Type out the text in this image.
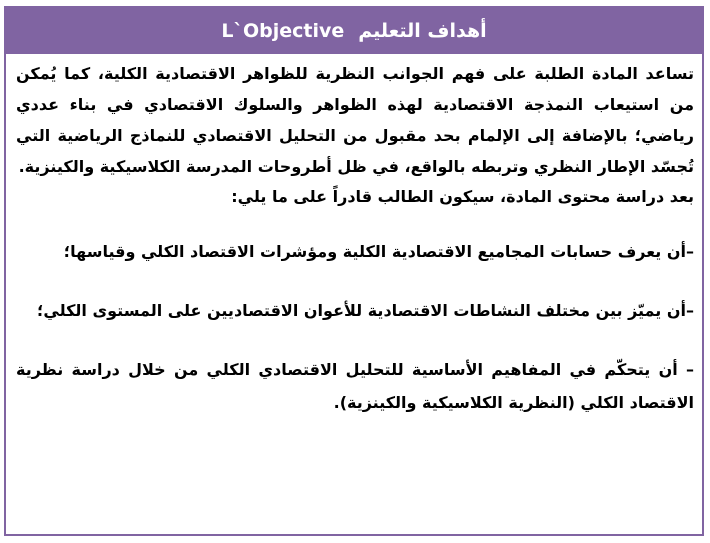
أهداف التعليم
L`Objective

تساعد المادة الطلبة على فهم الجوانب النظرية للظواهر الاقتصادية الكلية، كما يُمكن من استيعاب النمذجة الاقتصادية لهذه الظواهر والسلوك الاقتصادي في بناء عددي رياضي؛ بالإضافة إلى الإلمام بحد مقبول من التحليل الاقتصادي للنماذج الرياضية التي تُجسّد الإطار النظري وتربطه بالواقع، في ظل أطروحات المدرسة الكلاسيكية والكينزية.

بعد دراسة محتوى المادة، سيكون الطالب قادراً على ما يلي:

–أن يعرف حسابات المجاميع الاقتصادية الكلية ومؤشرات الاقتصاد الكلي وقياسها؛

–أن يميّز بين مختلف النشاطات الاقتصادية للأعوان الاقتصاديين على المستوى الكلي؛

– أن يتحكّم في المفاهيم الأساسية للتحليل الاقتصادي الكلي من خلال دراسة نظرية الاقتصاد الكلي (النظرية الكلاسيكية والكينزية).
